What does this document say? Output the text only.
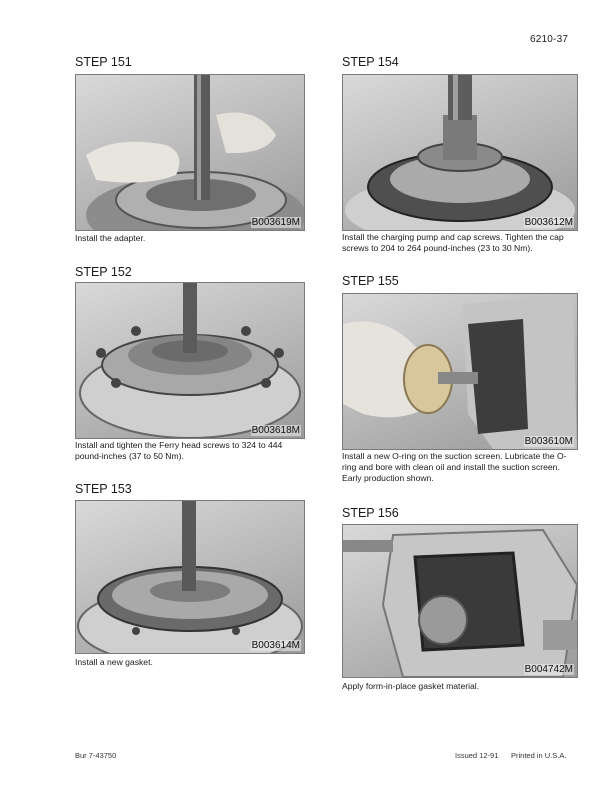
6210-37
STEP 151
B003619M
Install the adapter.
STEP 152
B003618M
Install and tighten the Ferry head screws to 324 to 444 pound-inches (37 to 50 Nm).
STEP 153
B003614M
Install a new gasket.
STEP 154
B003612M
Install the charging pump and cap screws. Tighten the cap screws to 204 to 264 pound-inches (23 to 30 Nm).
STEP 155
B003610M
Install a new O-ring on the suction screen. Lubricate the O-ring and bore with clean oil and install the suction screen. Early production shown.
STEP 156
B004742M
Apply form-in-place gasket material.
Bur 7-43750	Issued 12-91 Printed in U.S.A.
